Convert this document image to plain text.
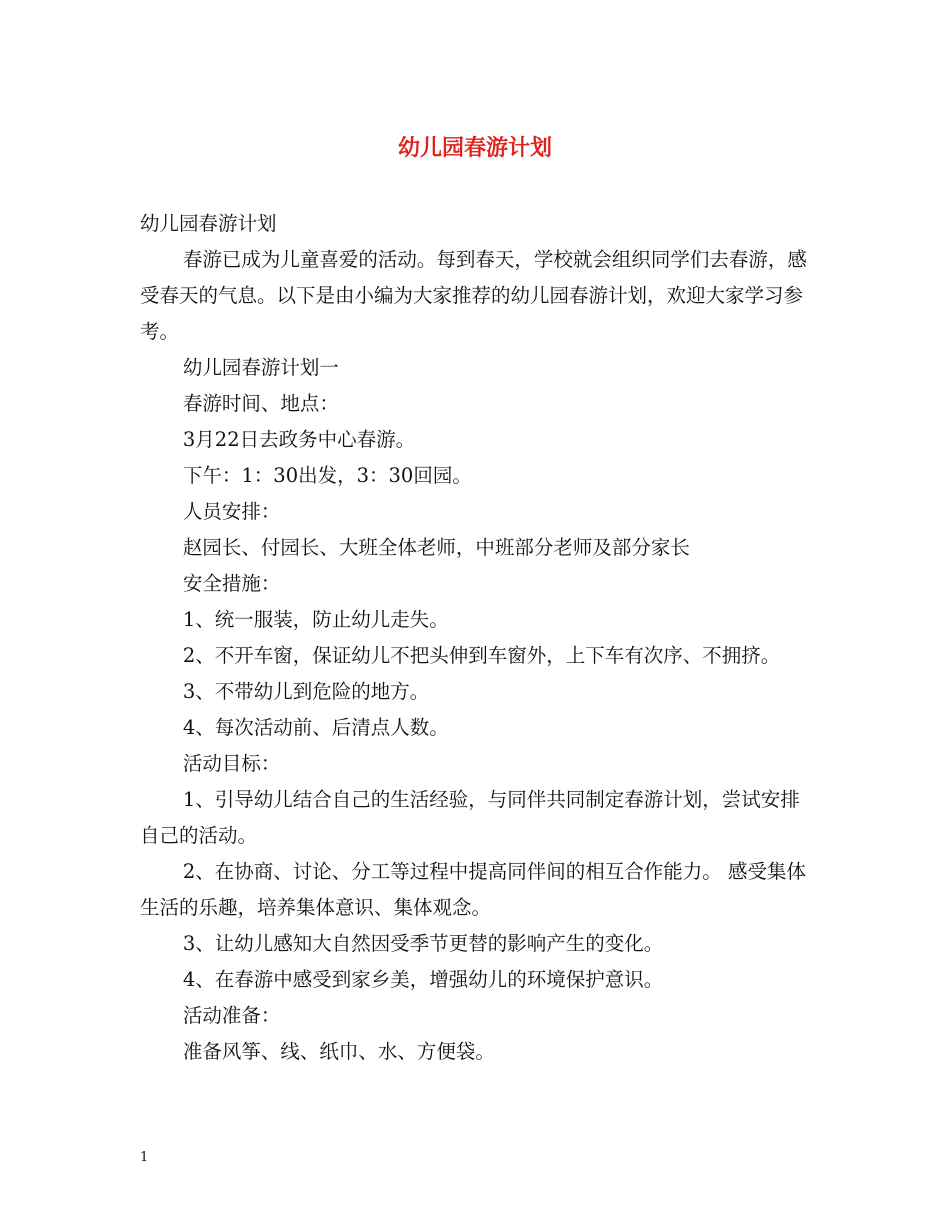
幼儿园春游计划

幼儿园春游计划

春游已成为儿童喜爱的活动。每到春天，学校就会组织同学们去春游，感受春天的气息。以下是由小编为大家推荐的幼儿园春游计划，欢迎大家学习参考。

幼儿园春游计划一

春游时间、地点：

3月22日去政务中心春游。

下午：1：30出发，3：30回园。

人员安排：

赵园长、付园长、大班全体老师，中班部分老师及部分家长

安全措施：

1、统一服装，防止幼儿走失。

2、不开车窗，保证幼儿不把头伸到车窗外，上下车有次序、不拥挤。

3、不带幼儿到危险的地方。

4、每次活动前、后清点人数。

活动目标：

1、引导幼儿结合自己的生活经验，与同伴共同制定春游计划，尝试安排自己的活动。

2、在协商、讨论、分工等过程中提高同伴间的相互合作能力。 感受集体生活的乐趣，培养集体意识、集体观念。

3、让幼儿感知大自然因受季节更替的影响产生的变化。

4、在春游中感受到家乡美，增强幼儿的环境保护意识。

活动准备：

准备风筝、线、纸巾、水、方便袋。

1
